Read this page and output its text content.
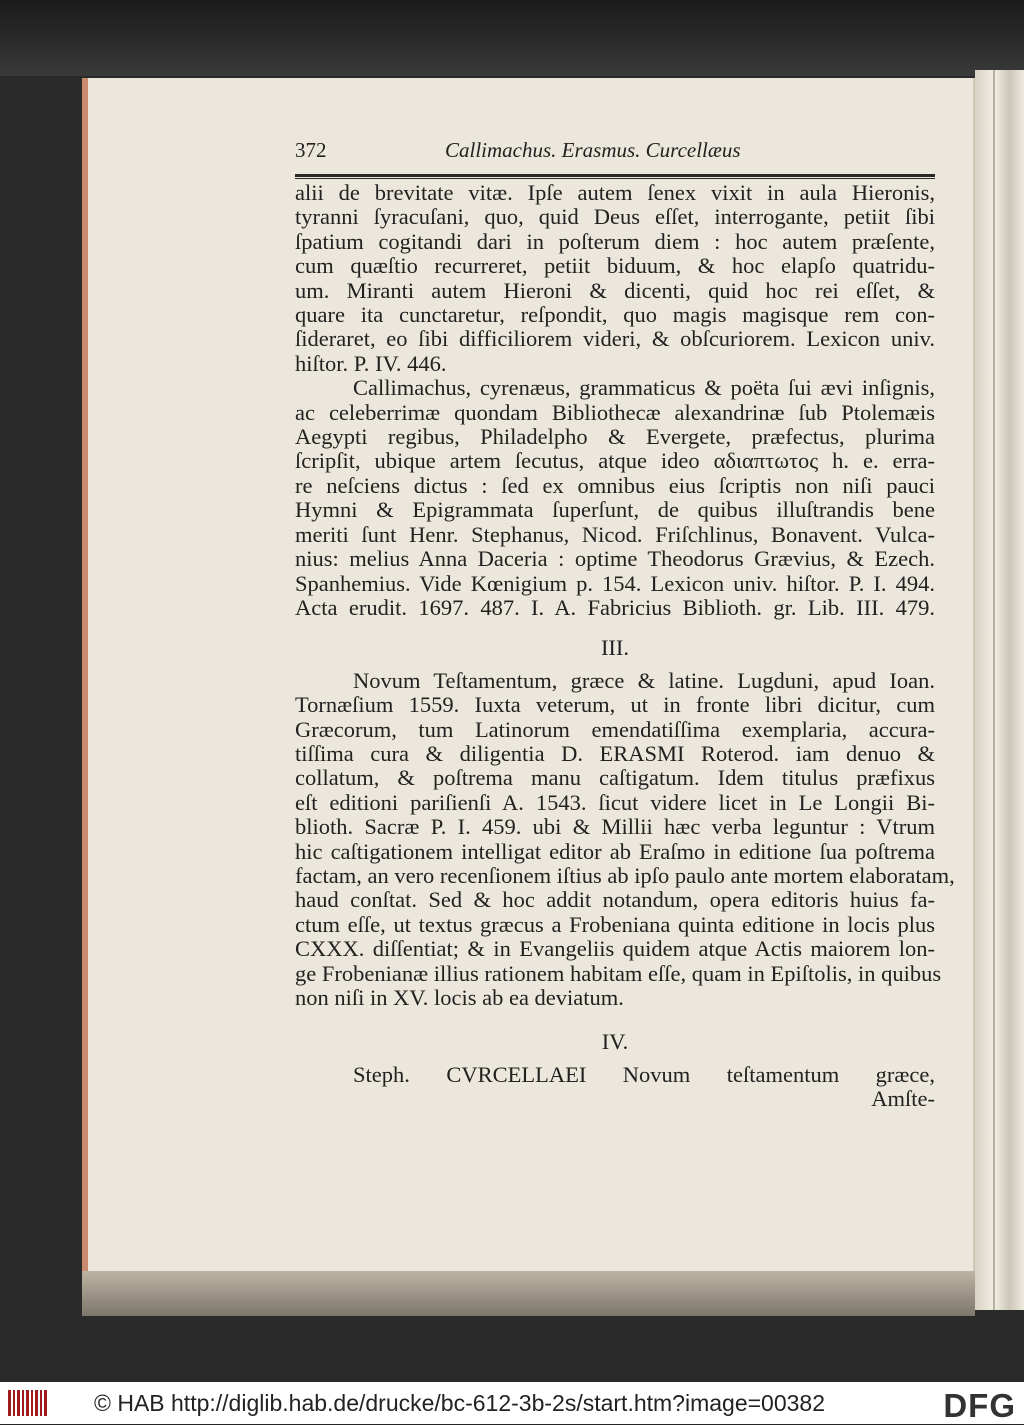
372	Callimachus. Erasmus. Curcellæus
alii de brevitate vitæ. Ipſe autem ſenex vixit in aula Hieronis,
tyranni ſyracuſani, quo, quid Deus eſſet, interrogante, petiit ſibi
ſpatium cogitandi dari in poſterum diem : hoc autem præſente,
cum quæſtio recurreret, petiit biduum, & hoc elapſo quatridu-
um. Miranti autem Hieroni & dicenti, quid hoc rei eſſet, &
quare ita cunctaretur, reſpondit, quo magis magisque rem con-
ſideraret, eo ſibi difficiliorem videri, & obſcuriorem. Lexicon univ.
hiſtor. P. IV. 446.
Callimachus, cyrenæus, grammaticus & poëta ſui ævi inſignis,
ac celeberrimæ quondam Bibliothecæ alexandrinæ ſub Ptolemæis
Aegypti regibus, Philadelpho & Evergete, præfectus, plurima
ſcripſit, ubique artem ſecutus, atque ideo αδιαπτωτος h. e. erra-
re neſciens dictus : ſed ex omnibus eius ſcriptis non niſi pauci
Hymni & Epigrammata ſuperſunt, de quibus illuſtrandis bene
meriti ſunt Henr. Stephanus, Nicod. Friſchlinus, Bonavent. Vulca-
nius: melius Anna Daceria : optime Theodorus Grævius, & Ezech.
Spanhemius. Vide Kœnigium p. 154. Lexicon univ. hiſtor. P. I. 494.
Acta erudit. 1697. 487. I. A. Fabricius Biblioth. gr. Lib. III. 479.
III.
Novum Teſtamentum, græce & latine. Lugduni, apud Ioan.
Tornæſium 1559. Iuxta veterum, ut in fronte libri dicitur, cum
Græcorum, tum Latinorum emendatiſſima exemplaria, accura-
tiſſima cura & diligentia D. ERASMI Roterod. iam denuo &
collatum, & poſtrema manu caſtigatum. Idem titulus præfixus
eſt editioni pariſienſi A. 1543. ſicut videre licet in Le Longii Bi-
blioth. Sacræ P. I. 459. ubi & Millii hæc verba leguntur : Vtrum
hic caſtigationem intelligat editor ab Eraſmo in editione ſua poſtrema
factam, an vero recenſionem iſtius ab ipſo paulo ante mortem elaboratam,
haud conſtat. Sed & hoc addit notandum, opera editoris huius fa-
ctum eſſe, ut textus græcus a Frobeniana quinta editione in locis plus
CXXX. diſſentiat; & in Evangeliis quidem atque Actis maiorem lon-
ge Frobenianæ illius rationem habitam eſſe, quam in Epiſtolis, in quibus
non niſi in XV. locis ab ea deviatum.
IV.
Steph. CVRCELLAEI Novum teſtamentum græce,
Amſte-
© HAB http://diglib.hab.de/drucke/bc-612-3b-2s/start.htm?image=00382	DFG
